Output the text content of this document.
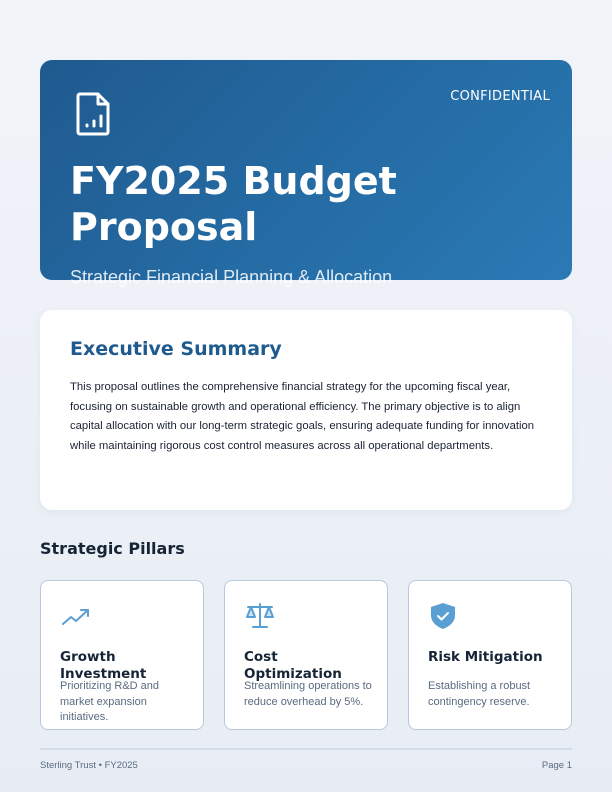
CONFIDENTIAL
FY2025 Budget Proposal
Strategic Financial Planning & Allocation
Executive Summary

This proposal outlines the comprehensive financial strategy for the upcoming fiscal year, focusing on sustainable growth and operational efficiency. The primary objective is to align capital allocation with our long-term strategic goals, ensuring adequate funding for innovation while maintaining rigorous cost control measures across all operational departments.

Strategic Pillars
Growth Investment

Prioritizing R&D and market expansion initiatives.

Cost Optimization

Streamlining operations to reduce overhead by 5%.

Risk Mitigation

Establishing a robust contingency reserve.

Sterling Trust • FY2025	Page 1
